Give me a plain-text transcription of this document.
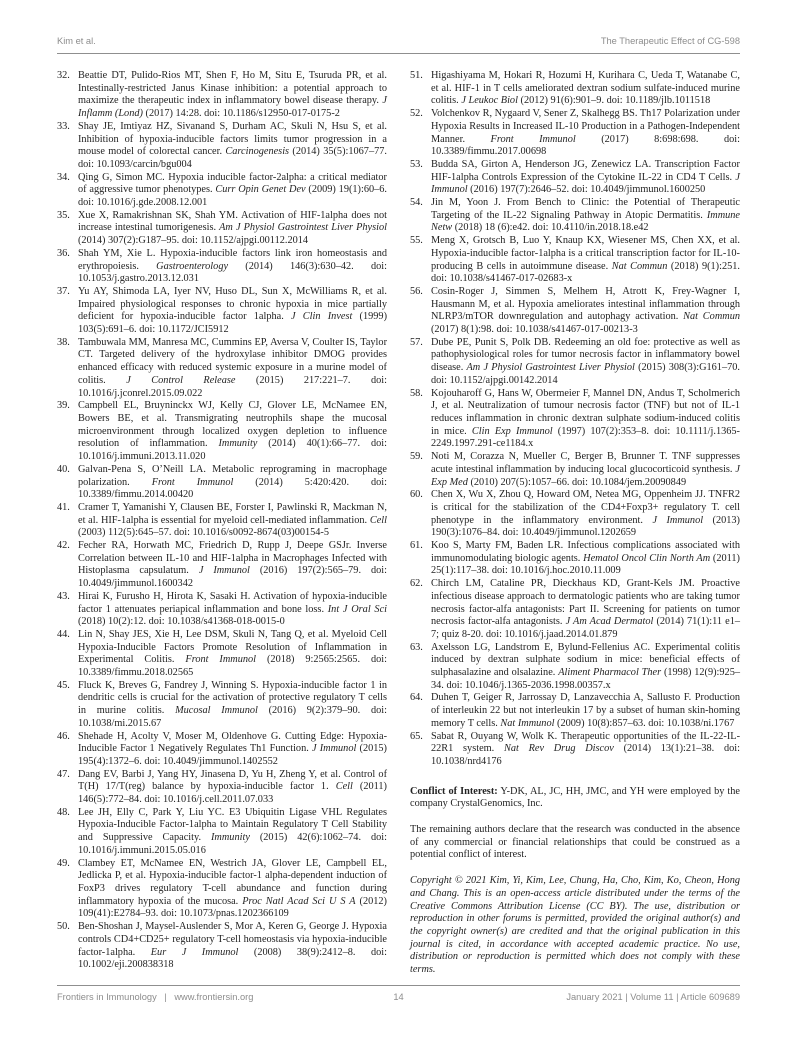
Kim et al.	The Therapeutic Effect of CG-598
32. Beattie DT, Pulido-Rios MT, Shen F, Ho M, Situ E, Tsuruda PR, et al. Intestinally-restricted Janus Kinase inhibition: a potential approach to maximize the therapeutic index in inflammatory bowel disease therapy. J Inflamm (Lond) (2017) 14:28. doi: 10.1186/s12950-017-0175-2
33. Shay JE, Imtiyaz HZ, Sivanand S, Durham AC, Skuli N, Hsu S, et al. Inhibition of hypoxia-inducible factors limits tumor progression in a mouse model of colorectal cancer. Carcinogenesis (2014) 35(5):1067–77. doi: 10.1093/carcin/bgu004
34. Qing G, Simon MC. Hypoxia inducible factor-2alpha: a critical mediator of aggressive tumor phenotypes. Curr Opin Genet Dev (2009) 19(1):60–6. doi: 10.1016/j.gde.2008.12.001
35. Xue X, Ramakrishnan SK, Shah YM. Activation of HIF-1alpha does not increase intestinal tumorigenesis. Am J Physiol Gastrointest Liver Physiol (2014) 307(2):G187–95. doi: 10.1152/ajpgi.00112.2014
36. Shah YM, Xie L. Hypoxia-inducible factors link iron homeostasis and erythropoiesis. Gastroenterology (2014) 146(3):630–42. doi: 10.1053/j.gastro.2013.12.031
37. Yu AY, Shimoda LA, Iyer NV, Huso DL, Sun X, McWilliams R, et al. Impaired physiological responses to chronic hypoxia in mice partially deficient for hypoxia-inducible factor 1alpha. J Clin Invest (1999) 103(5):691–6. doi: 10.1172/JCI5912
38. Tambuwala MM, Manresa MC, Cummins EP, Aversa V, Coulter IS, Taylor CT. Targeted delivery of the hydroxylase inhibitor DMOG provides enhanced efficacy with reduced systemic exposure in a murine model of colitis. J Control Release (2015) 217:221–7. doi: 10.1016/j.jconrel.2015.09.022
39. Campbell EL, Bruyninckx WJ, Kelly CJ, Glover LE, McNamee EN, Bowers BE, et al. Transmigrating neutrophils shape the mucosal microenvironment through localized oxygen depletion to influence resolution of inflammation. Immunity (2014) 40(1):66–77. doi: 10.1016/j.immuni.2013.11.020
40. Galvan-Pena S, O’Neill LA. Metabolic reprograming in macrophage polarization. Front Immunol (2014) 5:420:420. doi: 10.3389/fimmu.2014.00420
41. Cramer T, Yamanishi Y, Clausen BE, Forster I, Pawlinski R, Mackman N, et al. HIF-1alpha is essential for myeloid cell-mediated inflammation. Cell (2003) 112(5):645–57. doi: 10.1016/s0092-8674(03)00154-5
42. Fecher RA, Horwath MC, Friedrich D, Rupp J, Deepe GSJr. Inverse Correlation between IL-10 and HIF-1alpha in Macrophages Infected with Histoplasma capsulatum. J Immunol (2016) 197(2):565–79. doi: 10.4049/jimmunol.1600342
43. Hirai K, Furusho H, Hirota K, Sasaki H. Activation of hypoxia-inducible factor 1 attenuates periapical inflammation and bone loss. Int J Oral Sci (2018) 10(2):12. doi: 10.1038/s41368-018-0015-0
44. Lin N, Shay JES, Xie H, Lee DSM, Skuli N, Tang Q, et al. Myeloid Cell Hypoxia-Inducible Factors Promote Resolution of Inflammation in Experimental Colitis. Front Immunol (2018) 9:2565:2565. doi: 10.3389/fimmu.2018.02565
45. Fluck K, Breves G, Fandrey J, Winning S. Hypoxia-inducible factor 1 in dendritic cells is crucial for the activation of protective regulatory T cells in murine colitis. Mucosal Immunol (2016) 9(2):379–90. doi: 10.1038/mi.2015.67
46. Shehade H, Acolty V, Moser M, Oldenhove G. Cutting Edge: Hypoxia-Inducible Factor 1 Negatively Regulates Th1 Function. J Immunol (2015) 195(4):1372–6. doi: 10.4049/jimmunol.1402552
47. Dang EV, Barbi J, Yang HY, Jinasena D, Yu H, Zheng Y, et al. Control of T(H) 17/T(reg) balance by hypoxia-inducible factor 1. Cell (2011) 146(5):772–84. doi: 10.1016/j.cell.2011.07.033
48. Lee JH, Elly C, Park Y, Liu YC. E3 Ubiquitin Ligase VHL Regulates Hypoxia-Inducible Factor-1alpha to Maintain Regulatory T Cell Stability and Suppressive Capacity. Immunity (2015) 42(6):1062–74. doi: 10.1016/j.immuni.2015.05.016
49. Clambey ET, McNamee EN, Westrich JA, Glover LE, Campbell EL, Jedlicka P, et al. Hypoxia-inducible factor-1 alpha-dependent induction of FoxP3 drives regulatory T-cell abundance and function during inflammatory hypoxia of the mucosa. Proc Natl Acad Sci U S A (2012) 109(41):E2784–93. doi: 10.1073/pnas.1202366109
50. Ben-Shoshan J, Maysel-Auslender S, Mor A, Keren G, George J. Hypoxia controls CD4+CD25+ regulatory T-cell homeostasis via hypoxia-inducible factor-1alpha. Eur J Immunol (2008) 38(9):2412–8. doi: 10.1002/eji.200838318
51. Higashiyama M, Hokari R, Hozumi H, Kurihara C, Ueda T, Watanabe C, et al. HIF-1 in T cells ameliorated dextran sodium sulfate-induced murine colitis. J Leukoc Biol (2012) 91(6):901–9. doi: 10.1189/jlb.1011518
52. Volchenkov R, Nygaard V, Sener Z, Skalhegg BS. Th17 Polarization under Hypoxia Results in Increased IL-10 Production in a Pathogen-Independent Manner. Front Immunol (2017) 8:698:698. doi: 10.3389/fimmu.2017.00698
53. Budda SA, Girton A, Henderson JG, Zenewicz LA. Transcription Factor HIF-1alpha Controls Expression of the Cytokine IL-22 in CD4 T Cells. J Immunol (2016) 197(7):2646–52. doi: 10.4049/jimmunol.1600250
54. Jin M, Yoon J. From Bench to Clinic: the Potential of Therapeutic Targeting of the IL-22 Signaling Pathway in Atopic Dermatitis. Immune Netw (2018) 18 (6):e42. doi: 10.4110/in.2018.18.e42
55. Meng X, Grotsch B, Luo Y, Knaup KX, Wiesener MS, Chen XX, et al. Hypoxia-inducible factor-1alpha is a critical transcription factor for IL-10-producing B cells in autoimmune disease. Nat Commun (2018) 9(1):251. doi: 10.1038/s41467-017-02683-x
56. Cosin-Roger J, Simmen S, Melhem H, Atrott K, Frey-Wagner I, Hausmann M, et al. Hypoxia ameliorates intestinal inflammation through NLRP3/mTOR downregulation and autophagy activation. Nat Commun (2017) 8(1):98. doi: 10.1038/s41467-017-00213-3
57. Dube PE, Punit S, Polk DB. Redeeming an old foe: protective as well as pathophysiological roles for tumor necrosis factor in inflammatory bowel disease. Am J Physiol Gastrointest Liver Physiol (2015) 308(3):G161–70. doi: 10.1152/ajpgi.00142.2014
58. Kojouharoff G, Hans W, Obermeier F, Mannel DN, Andus T, Scholmerich J, et al. Neutralization of tumour necrosis factor (TNF) but not of IL-1 reduces inflammation in chronic dextran sulphate sodium-induced colitis in mice. Clin Exp Immunol (1997) 107(2):353–8. doi: 10.1111/j.1365-2249.1997.291-ce1184.x
59. Noti M, Corazza N, Mueller C, Berger B, Brunner T. TNF suppresses acute intestinal inflammation by inducing local glucocorticoid synthesis. J Exp Med (2010) 207(5):1057–66. doi: 10.1084/jem.20090849
60. Chen X, Wu X, Zhou Q, Howard OM, Netea MG, Oppenheim JJ. TNFR2 is critical for the stabilization of the CD4+Foxp3+ regulatory T. cell phenotype in the inflammatory environment. J Immunol (2013) 190(3):1076–84. doi: 10.4049/jimmunol.1202659
61. Koo S, Marty FM, Baden LR. Infectious complications associated with immunomodulating biologic agents. Hematol Oncol Clin North Am (2011) 25(1):117–38. doi: 10.1016/j.hoc.2010.11.009
62. Chirch LM, Cataline PR, Dieckhaus KD, Grant-Kels JM. Proactive infectious disease approach to dermatologic patients who are taking tumor necrosis factor-alfa antagonists: Part II. Screening for patients on tumor necrosis factor-alfa antagonists. J Am Acad Dermatol (2014) 71(1):11 e1–7; quiz 8-20. doi: 10.1016/j.jaad.2014.01.879
63. Axelsson LG, Landstrom E, Bylund-Fellenius AC. Experimental colitis induced by dextran sulphate sodium in mice: beneficial effects of sulphasalazine and olsalazine. Aliment Pharmacol Ther (1998) 12(9):925–34. doi: 10.1046/j.1365-2036.1998.00357.x
64. Duhen T, Geiger R, Jarrossay D, Lanzavecchia A, Sallusto F. Production of interleukin 22 but not interleukin 17 by a subset of human skin-homing memory T cells. Nat Immunol (2009) 10(8):857–63. doi: 10.1038/ni.1767
65. Sabat R, Ouyang W, Wolk K. Therapeutic opportunities of the IL-22-IL-22R1 system. Nat Rev Drug Discov (2014) 13(1):21–38. doi: 10.1038/nrd4176

Conflict of Interest: Y-DK, AL, JC, HH, JMC, and YH were employed by the company CrystalGenomics, Inc.

The remaining authors declare that the research was conducted in the absence of any commercial or financial relationships that could be construed as a potential conflict of interest.

Copyright © 2021 Kim, Yi, Kim, Lee, Chung, Ha, Cho, Kim, Ko, Cheon, Hong and Chang. This is an open-access article distributed under the terms of the Creative Commons Attribution License (CC BY). The use, distribution or reproduction in other forums is permitted, provided the original author(s) and the copyright owner(s) are credited and that the original publication in this journal is cited, in accordance with accepted academic practice. No use, distribution or reproduction is permitted which does not comply with these terms.

Frontiers in Immunology | www.frontiersin.org	14	January 2021 | Volume 11 | Article 609689
